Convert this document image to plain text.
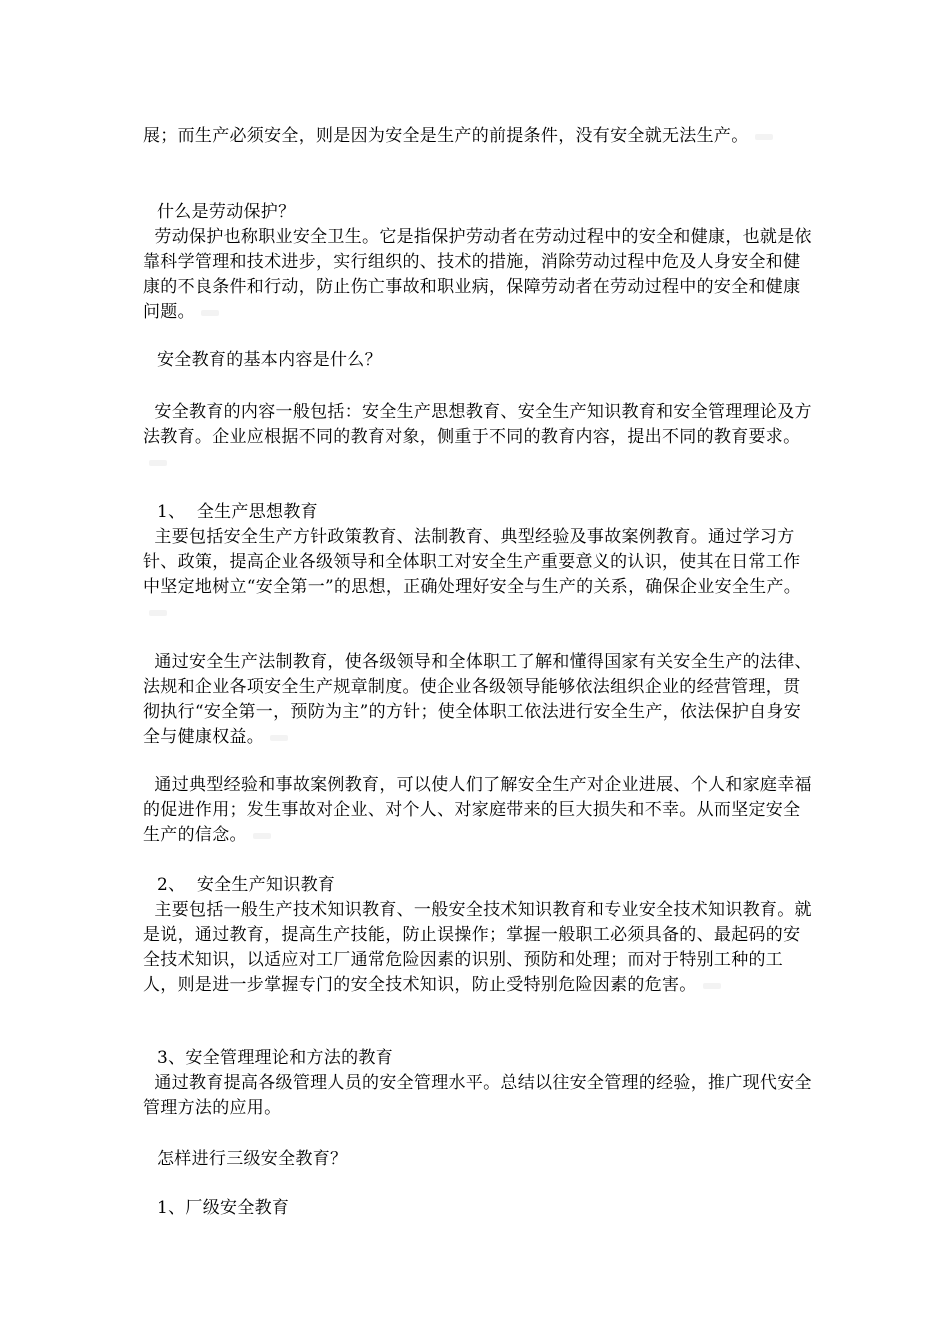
展；而生产必须安全，则是因为安全是生产的前提条件，没有安全就无法生产。

什么是劳动保护？

劳动保护也称职业安全卫生。它是指保护劳动者在劳动过程中的安全和健康，也就是依靠科学管理和技术进步，实行组织的、技术的措施，消除劳动过程中危及人身安全和健康的不良条件和行动，防止伤亡事故和职业病，保障劳动者在劳动过程中的安全和健康问题。

安全教育的基本内容是什么？

安全教育的内容一般包括：安全生产思想教育、安全生产知识教育和安全管理理论及方法教育。企业应根据不同的教育对象，侧重于不同的教育内容，提出不同的教育要求。

1、  全生产思想教育

主要包括安全生产方针政策教育、法制教育、典型经验及事故案例教育。通过学习方针、政策，提高企业各级领导和全体职工对安全生产重要意义的认识，使其在日常工作中坚定地树立“安全第一”的思想，正确处理好安全与生产的关系，确保企业安全生产。

通过安全生产法制教育，使各级领导和全体职工了解和懂得国家有关安全生产的法律、法规和企业各项安全生产规章制度。使企业各级领导能够依法组织企业的经营管理，贯彻执行“安全第一，预防为主”的方针；使全体职工依法进行安全生产，依法保护自身安全与健康权益。

通过典型经验和事故案例教育，可以使人们了解安全生产对企业进展、个人和家庭幸福的促进作用；发生事故对企业、对个人、对家庭带来的巨大损失和不幸。从而坚定安全生产的信念。

2、  安全生产知识教育

主要包括一般生产技术知识教育、一般安全技术知识教育和专业安全技术知识教育。就是说，通过教育，提高生产技能，防止误操作；掌握一般职工必须具备的、最起码的安全技术知识，以适应对工厂通常危险因素的识别、预防和处理；而对于特别工种的工人，则是进一步掌握专门的安全技术知识，防止受特别危险因素的危害。

3、安全管理理论和方法的教育

通过教育提高各级管理人员的安全管理水平。总结以往安全管理的经验，推广现代安全管理方法的应用。

怎样进行三级安全教育？

1、厂级安全教育
